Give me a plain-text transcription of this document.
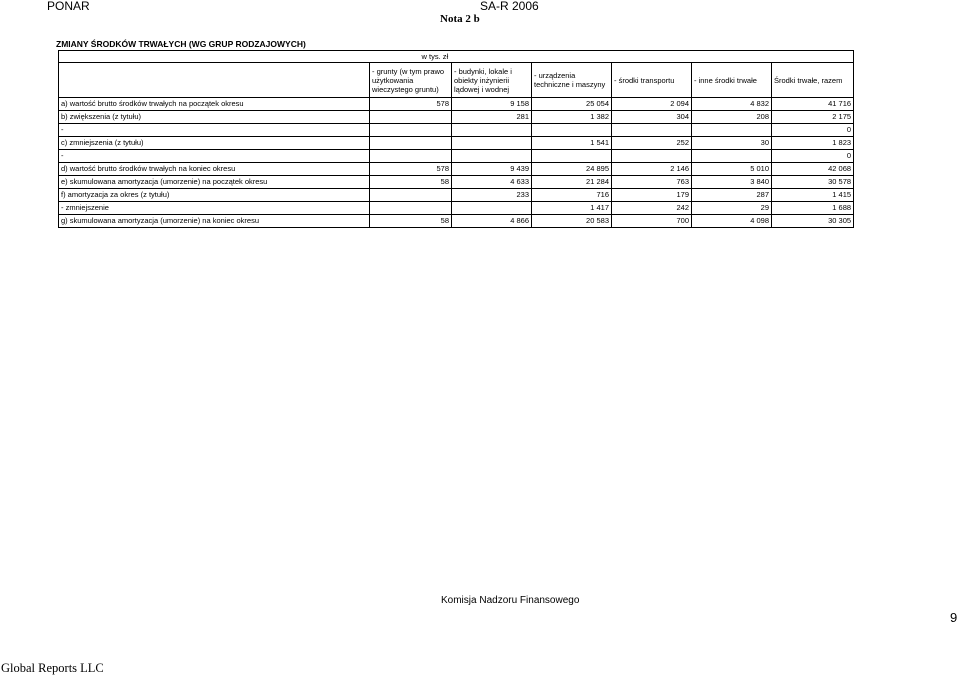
PONAR	SA-R 2006
Nota 2 b
ZMIANY ŚRODKÓW TRWAŁYCH (WG GRUP RODZAJOWYCH)
	w tys. zł					
	- grunty (w tym prawo użytkowania wieczystego gruntu)	- budynki, lokale i obiekty inżynierii lądowej i wodnej	- urządzenia techniczne i maszyny	- środki transportu	- inne środki trwałe	Środki trwałe, razem
a) wartość brutto środków trwałych na początek okresu	578	9 158	25 054	2 094	4 832	41 716
b) zwiększenia (z tytułu)		281	1 382	304	208	2 175
-						0
c) zmniejszenia (z tytułu)			1 541	252	30	1 823
-						0
d) wartość brutto środków trwałych na koniec okresu	578	9 439	24 895	2 146	5 010	42 068
e) skumulowana amortyzacja (umorzenie) na początek okresu	58	4 633	21 284	763	3 840	30 578
f) amortyzacja za okres (z tytułu)		233	716	179	287	1 415
- zmniejszenie			1 417	242	29	1 688
g) skumulowana amortyzacja (umorzenie) na koniec okresu	58	4 866	20 583	700	4 098	30 305
Komisja Nadzoru Finansowego
9
Global Reports LLC
